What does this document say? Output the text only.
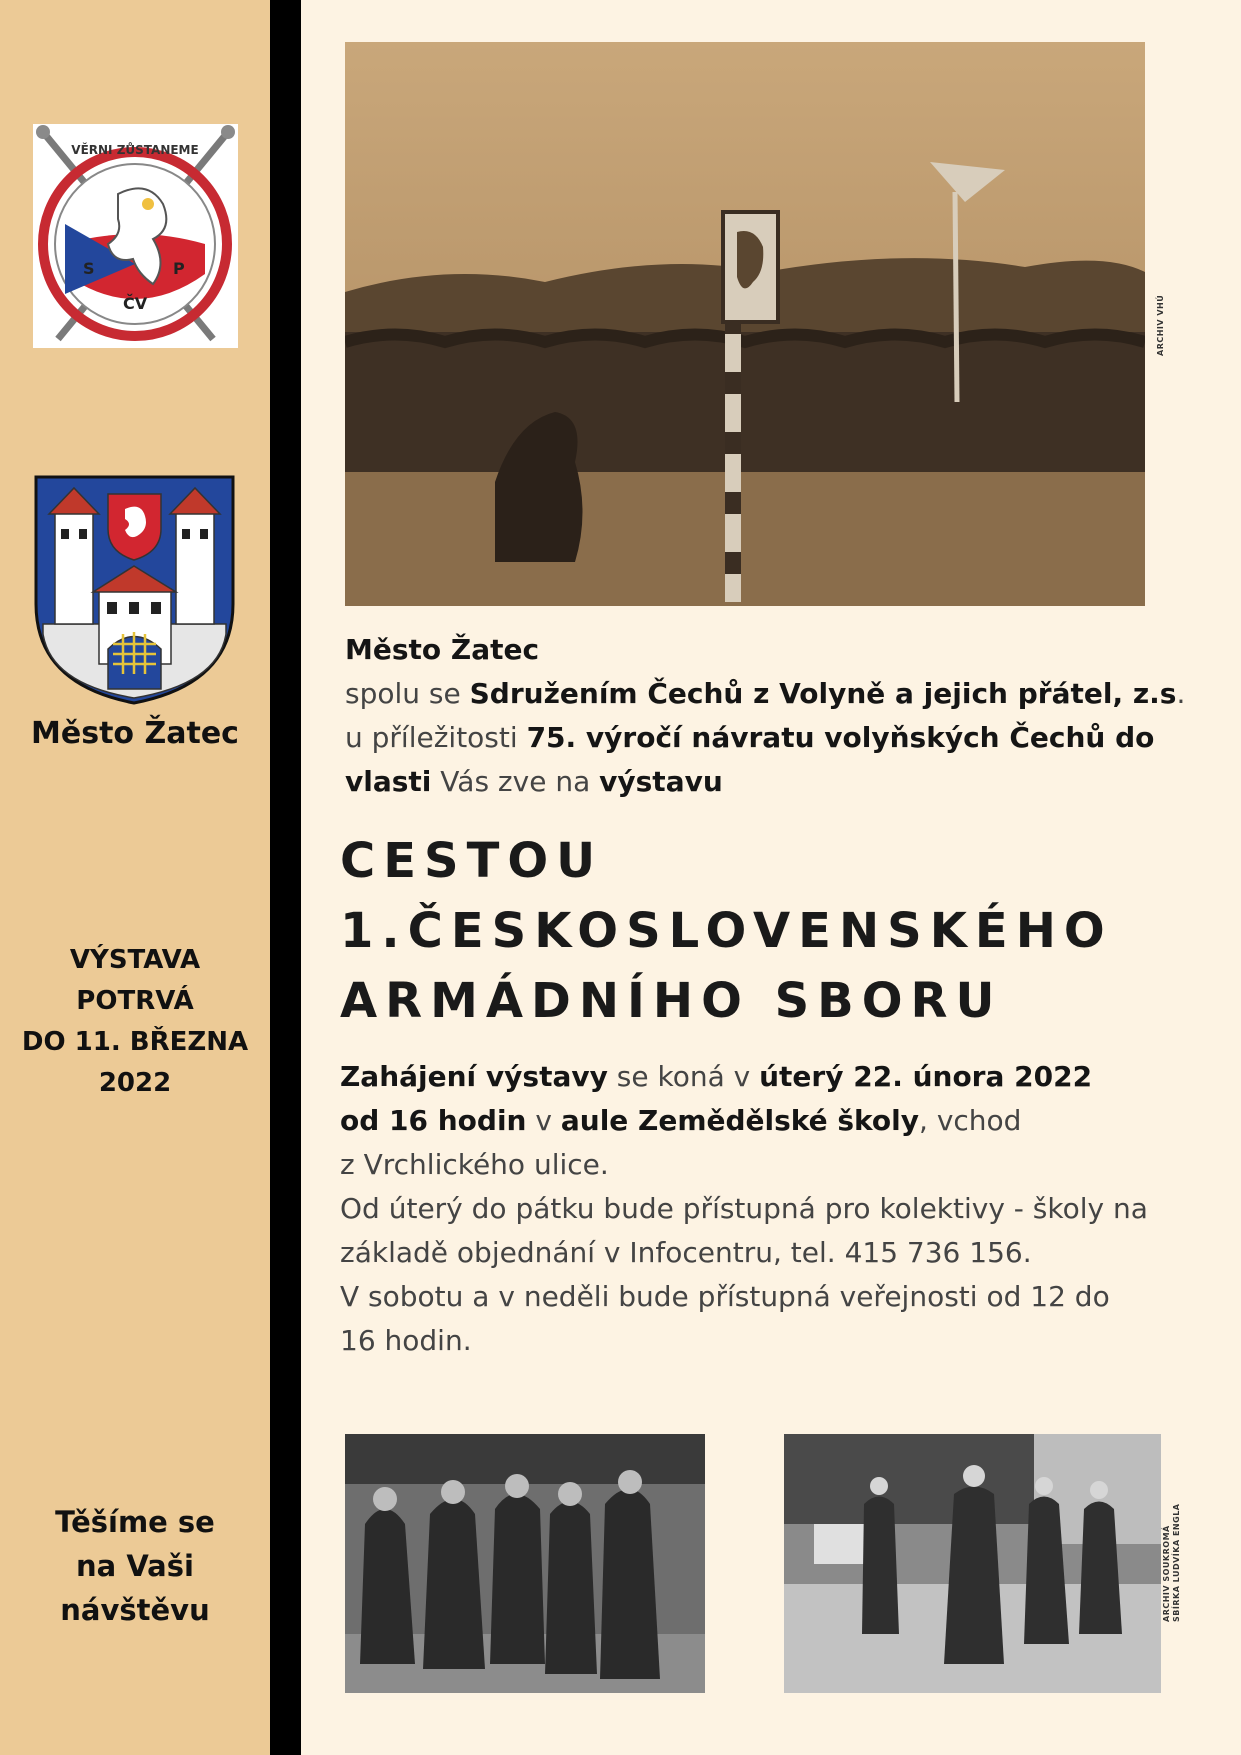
VĚRNI ZŮSTANEME
S	P
ČV
Město Žatec
VÝSTAVA
POTRVÁ
DO 11. BŘEZNA
2022
Těšíme se
na Vaši
návštěvu
ARCHIV VHÚ
Město Žatec
spolu se Sdružením Čechů z Volyně a jejich přátel, z.s.
u příležitosti 75. výročí návratu volyňských Čechů do
vlasti Vás zve na výstavu
CESTOU
1.ČESKOSLOVENSKÉHO
ARMÁDNÍHO SBORU
Zahájení výstavy se koná v úterý 22. února 2022
od 16 hodin v aule Zemědělské školy, vchod
z Vrchlického ulice.
Od úterý do pátku bude přístupná pro kolektivy - školy na
základě objednání v Infocentru, tel. 415 736 156.
V sobotu a v neděli bude přístupná veřejnosti od 12 do
16 hodin.
ARCHIV SOUKROMÁ SBÍRKA LUDVÍKA ENGLA
